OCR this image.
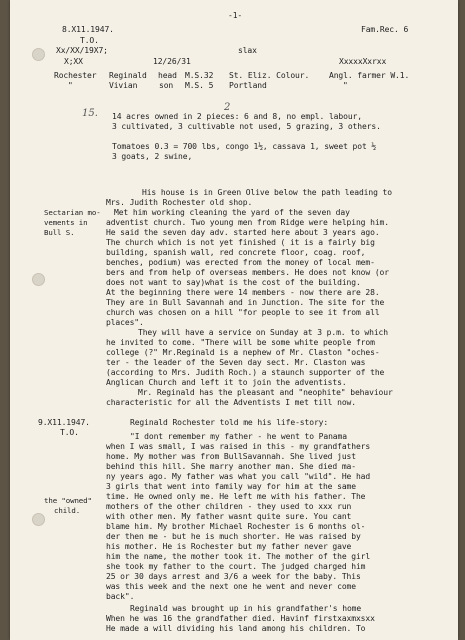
-1-
8.X11.1947.	Fam.Rec. 6
T.O.
Xx/XX/19X7;	slax
X;XX	12/26/31	XxxxxXxrxx
Rochester Reginald head M.S.32 St. Eliz. Colour. Angl. farmer W.1.
"	Vivian	son M.S. 5 Portland	"
15.
2
14 acres owned in 2 pieces: 6 and 8, no empl. labour,
3 cultivated, 3 cultivable not used, 5 grazing, 3 others.
Tomatoes 0.3 = 700 lbs, congo 1½, cassava 1, sweet pot ½
3 goats, 2 swine,
Sectarian mo-
vements in
Bull S.
His house is in Green Olive below the path leading to
Mrs. Judith Rochester old shop.
Met him working cleaning the yard of the seven day
adventist church. Two young men from Ridge were helping him.
He said the seven day adv. started here about 3 years ago.
The church which is not yet finished ( it is a fairly big
building, spanish wall, red concrete floor, coag. roof,
benches, podium) was erected from the money of local mem-
bers and from help of overseas members. He does not know (or
does not want to say)what is the cost of the building.
At the beginning there were 14 members - now there are 28.
They are in Bull Savannah and in Junction. The site for the
church was chosen on a hill "for people to see it from all
places".
They will have a service on Sunday at 3 p.m. to which
he invited to come. "There will be some white people from
college (?" Mr.Reginald is a nephew of Mr. Claston "oches-
ter - the leader of the Seven day sect. Mr. Claston was
(according to Mrs. Judith Roch.) a staunch supporter of the
Anglican Church and left it to join the adventists.
Mr. Reginald has the pleasant and "neophite" behaviour
characteristic for all the Adventists I met till now.
9.X11.1947.
T.O.
the "owned"
child.
Reginald Rochester told me his life-story:
"I dont remember my father - he went to Panama
when I was small, I was raised in this - my grandfathers
home. My mother was from BullSavannah. She lived just
behind this hill. She marry another man. She died ma-
ny years ago. My father was what you call "wild". He had
3 girls that went into family way for him at the same
time. He owned only me. He left me with his father. The
mothers of the other children - they used to xxx run
with other men. My father wasnt quite sure. You cant
blame him. My brother Michael Rochester is 6 months ol-
der then me - but he is much shorter. He was raised by
his mother. He is Rochester but my father never gave
him the name, the mother took it. The mother of the girl
she took my father to the court. The judged charged him
25 or 30 days arrest and 3/6 a week for the baby. This
was this week and the next one he went and never come
back".
Reginald was brought up in his grandfather's home
When he was 16 the grandfather died. Havinf firstxaxmxsxx
He made a will dividing his land among his children. To
